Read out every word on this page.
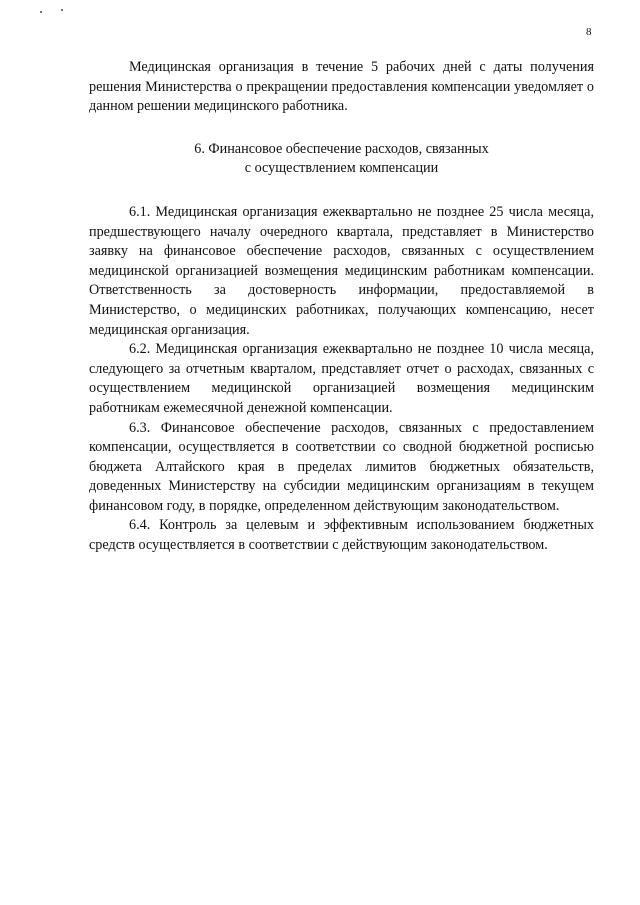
8

Медицинская организация в течение 5 рабочих дней с даты получения решения Министерства о прекращении предоставления компенсации уведомляет о данном решении медицинского работника.

6. Финансовое обеспечение расходов, связанных
с осуществлением компенсации

6.1. Медицинская организация ежеквартально не позднее 25 числа месяца, предшествующего началу очередного квартала, представляет в Министерство заявку на финансовое обеспечение расходов, связанных с осуществлением медицинской организацией возмещения медицинским работникам компенсации. Ответственность за достоверность информации, предоставляемой в Министерство, о медицинских работниках, получающих компенсацию, несет медицинская организация.

6.2. Медицинская организация ежеквартально не позднее 10 числа месяца, следующего за отчетным кварталом, представляет отчет о расходах, связанных с осуществлением медицинской организацией возмещения медицинским работникам ежемесячной денежной компенсации.

6.3. Финансовое обеспечение расходов, связанных с предоставлением компенсации, осуществляется в соответствии со сводной бюджетной росписью бюджета Алтайского края в пределах лимитов бюджетных обязательств, доведенных Министерству на субсидии медицинским организациям в текущем финансовом году, в порядке, определенном действующим законодательством.

6.4. Контроль за целевым и эффективным использованием бюджетных средств осуществляется в соответствии с действующим законодательством.
